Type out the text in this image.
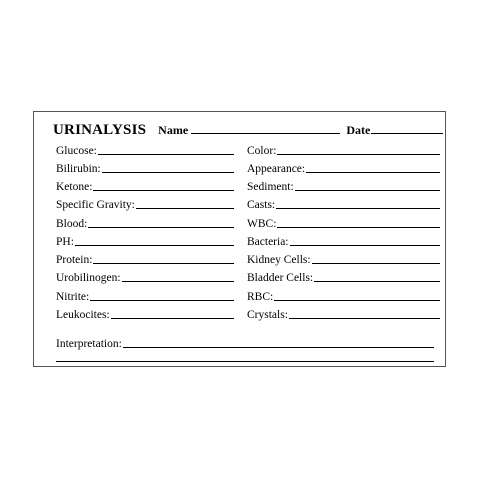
URINALYSIS Name	Date
Glucose:
Bilirubin:
Ketone:
Specific Gravity:
Blood:
PH:
Protein:
Urobilinogen:
Nitrite:
Leukocites:
Color:
Appearance:
Sediment:
Casts:
WBC:
Bacteria:
Kidney Cells:
Bladder Cells:
RBC:
Crystals:
Interpretation:
